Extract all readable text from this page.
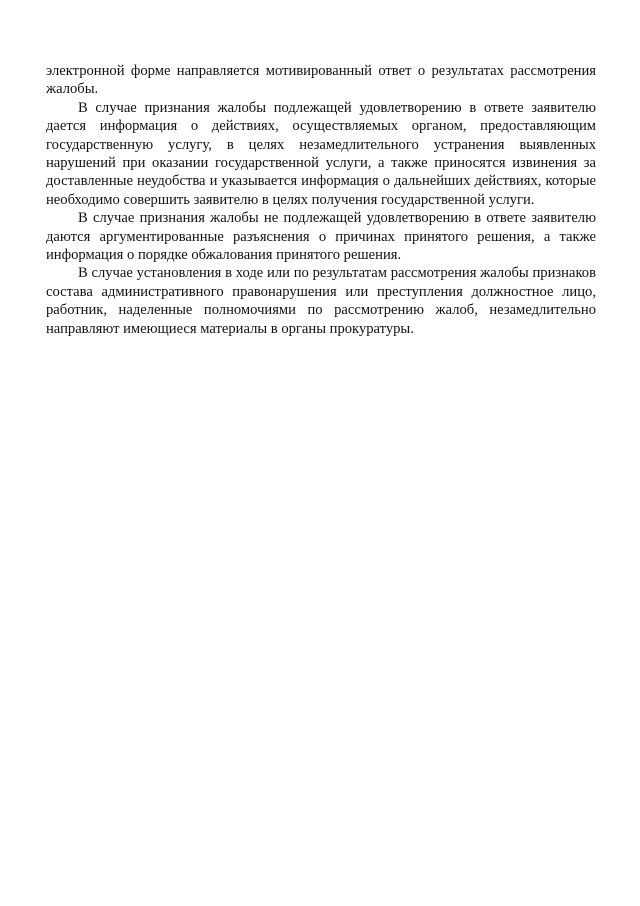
электронной форме направляется мотивированный ответ о результатах рассмотрения жалобы.

В случае признания жалобы подлежащей удовлетворению в ответе заявителю дается информация о действиях, осуществляемых органом, предоставляющим государственную услугу, в целях незамедлительного устранения выявленных нарушений при оказании государственной услуги, а также приносятся извинения за доставленные неудобства и указывается информация о дальнейших действиях, которые необходимо совершить заявителю в целях получения государственной услуги.

В случае признания жалобы не подлежащей удовлетворению в ответе заявителю даются аргументированные разъяснения о причинах принятого решения, а также информация о порядке обжалования принятого решения.

В случае установления в ходе или по результатам рассмотрения жалобы признаков состава административного правонарушения или преступления должностное лицо, работник, наделенные полномочиями по рассмотрению жалоб, незамедлительно направляют имеющиеся материалы в органы прокуратуры.
